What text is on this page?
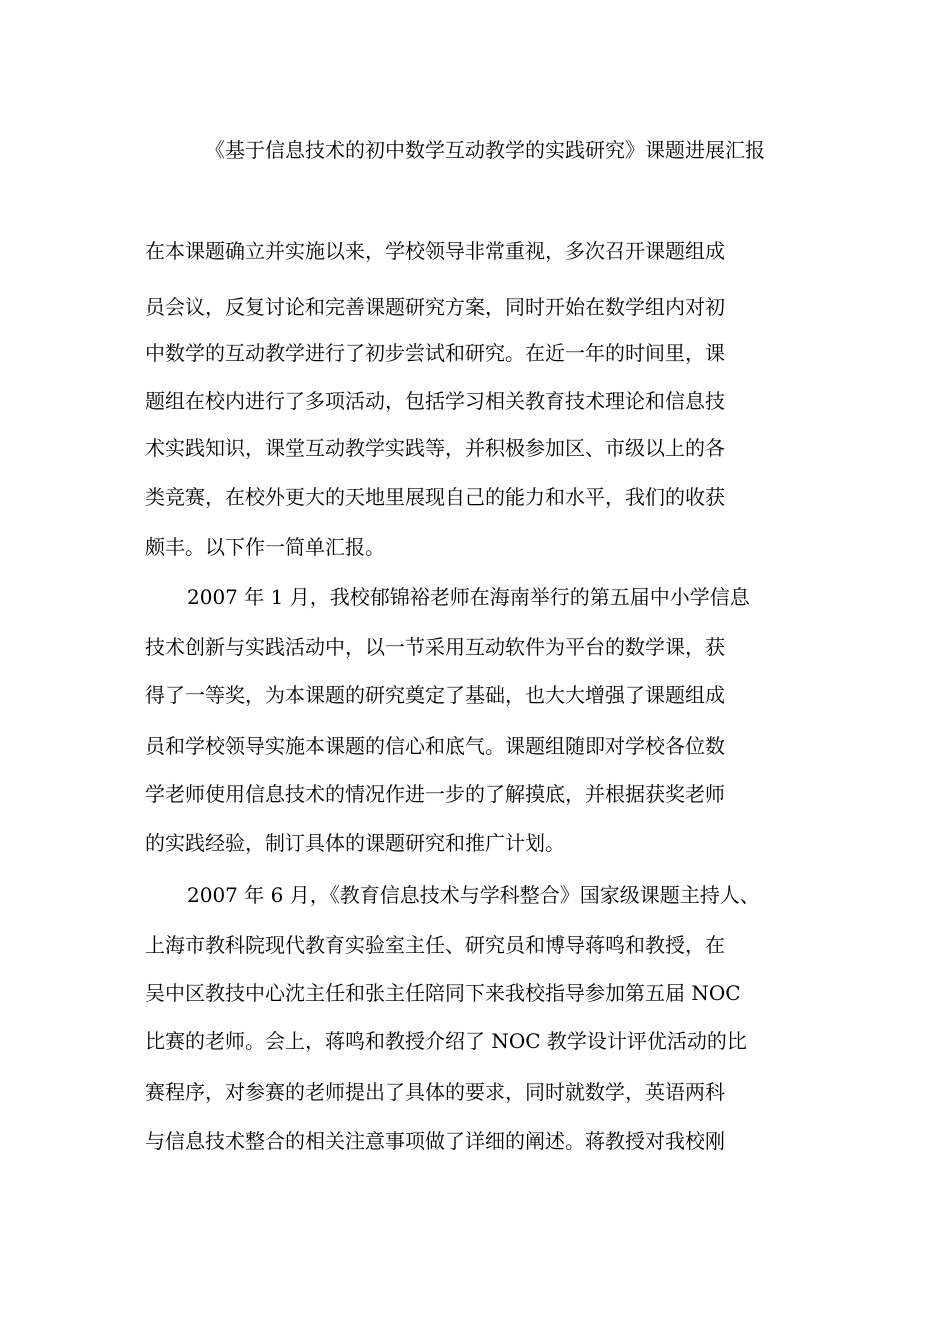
《基于信息技术的初中数学互动教学的实践研究》课题进展汇报
在本课题确立并实施以来，学校领导非常重视，多次召开课题组成
员会议，反复讨论和完善课题研究方案，同时开始在数学组内对初
中数学的互动教学进行了初步尝试和研究。在近一年的时间里，课
题组在校内进行了多项活动，包括学习相关教育技术理论和信息技
术实践知识，课堂互动教学实践等，并积极参加区、市级以上的各
类竞赛，在校外更大的天地里展现自己的能力和水平，我们的收获
颇丰。以下作一简单汇报。
2007 年 1 月，我校郁锦裕老师在海南举行的第五届中小学信息
技术创新与实践活动中，以一节采用互动软件为平台的数学课，获
得了一等奖，为本课题的研究奠定了基础，也大大增强了课题组成
员和学校领导实施本课题的信心和底气。课题组随即对学校各位数
学老师使用信息技术的情况作进一步的了解摸底，并根据获奖老师
的实践经验，制订具体的课题研究和推广计划。
2007 年 6 月，《教育信息技术与学科整合》国家级课题主持人、
上海市教科院现代教育实验室主任、研究员和博导蒋鸣和教授，在
吴中区教技中心沈主任和张主任陪同下来我校指导参加第五届 NOC
比赛的老师。会上，蒋鸣和教授介绍了 NOC 教学设计评优活动的比
赛程序，对参赛的老师提出了具体的要求，同时就数学，英语两科
与信息技术整合的相关注意事项做了详细的阐述。蒋教授对我校刚
